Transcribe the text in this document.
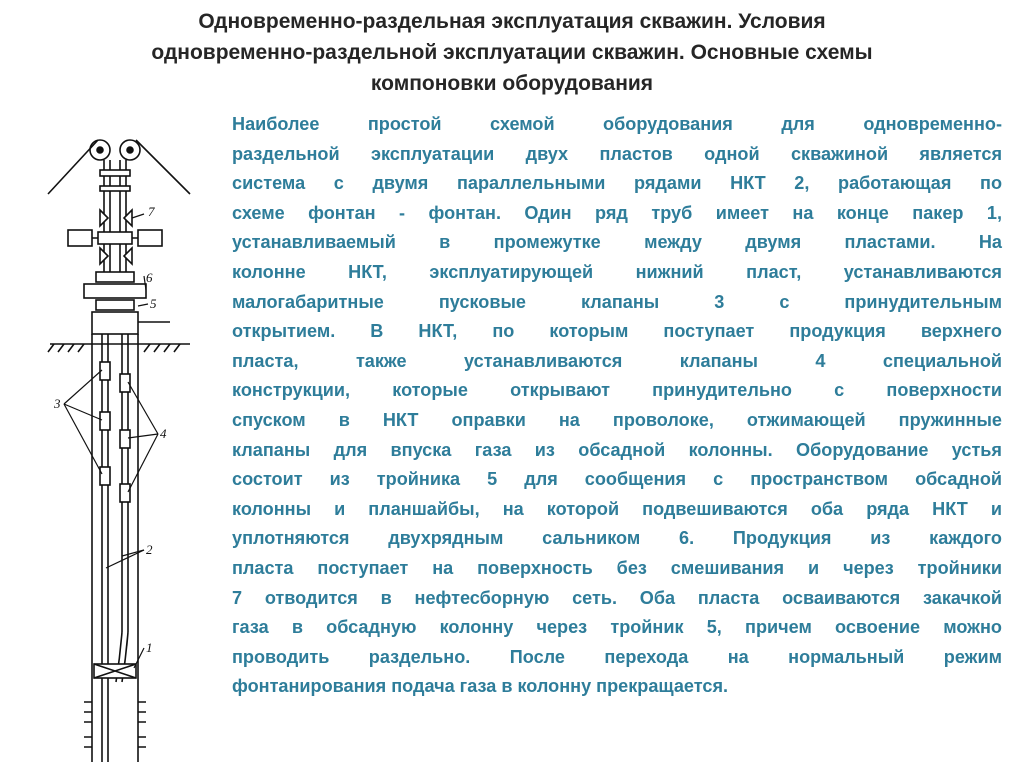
Одновременно-раздельная эксплуатация скважин. Условия
одновременно-раздельной эксплуатации скважин. Основные схемы
компоновки оборудования
Наиболее простой схемой оборудования для одновременно-
раздельной эксплуатации двух пластов одной скважиной является
система с двумя параллельными рядами НКТ 2, работающая по
схеме фонтан - фонтан. Один ряд труб имеет на конце пакер 1,
устанавливаемый в промежутке между двумя пластами. На
колонне НКТ, эксплуатирующей нижний пласт, устанавливаются
малогабаритные пусковые клапаны 3 с принудительным
открытием. В НКТ, по которым поступает продукция верхнего
пласта, также устанавливаются клапаны 4 специальной
конструкции, которые открывают принудительно с поверхности
спуском в НКТ оправки на проволоке, отжимающей пружинные
клапаны для впуска газа из обсадной колонны. Оборудование устья
состоит из тройника 5 для сообщения с пространством обсадной
колонны и планшайбы, на которой подвешиваются оба ряда НКТ и
уплотняются двухрядным сальником 6. Продукция из каждого
пласта поступает на поверхность без смешивания и через тройники
7 отводится в нефтесборную сеть. Оба пласта осваиваются закачкой
газа в обсадную колонну через тройник 5, причем освоение можно
проводить раздельно. После перехода на нормальный режим
фонтанирования подача газа в колонну прекращается.
7
6
5
3
4
2
1
